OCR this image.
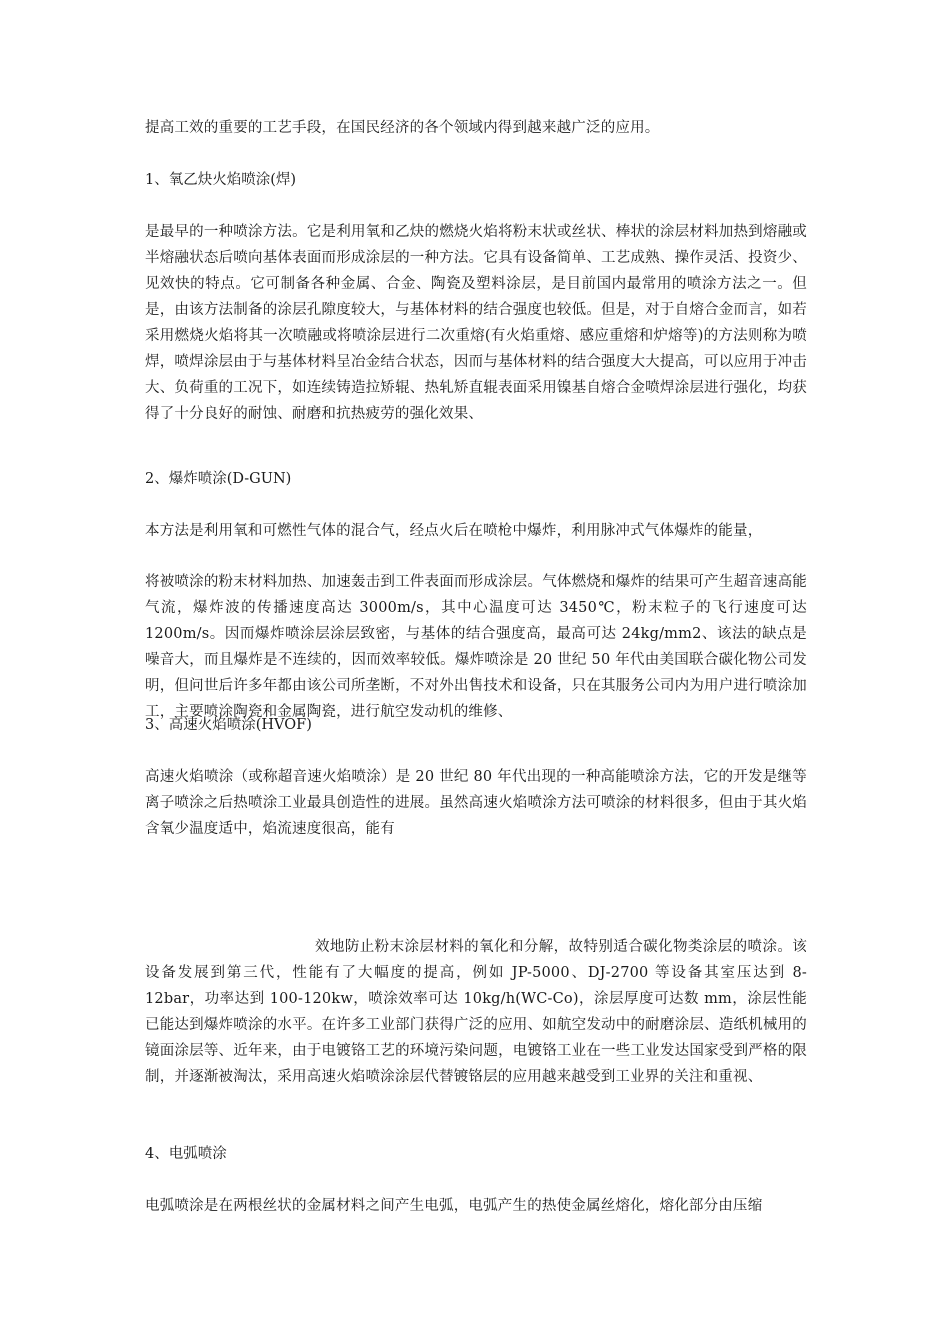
提高工效的重要的工艺手段，在国民经济的各个领域内得到越来越广泛的应用。

1、氧乙炔火焰喷涂(焊)

是最早的一种喷涂方法。它是利用氧和乙炔的燃烧火焰将粉末状或丝状、棒状的涂层材料加热到熔融或半熔融状态后喷向基体表面而形成涂层的一种方法。它具有设备简单、工艺成熟、操作灵活、投资少、见效快的特点。它可制备各种金属、合金、陶瓷及塑料涂层，是目前国内最常用的喷涂方法之一。但是，由该方法制备的涂层孔隙度较大，与基体材料的结合强度也较低。但是，对于自熔合金而言，如若采用燃烧火焰将其一次喷融或将喷涂层进行二次重熔(有火焰重熔、感应重熔和炉熔等)的方法则称为喷焊，喷焊涂层由于与基体材料呈冶金结合状态，因而与基体材料的结合强度大大提高，可以应用于冲击大、负荷重的工况下，如连续铸造拉矫辊、热轧矫直辊表面采用镍基自熔合金喷焊涂层进行强化，均获得了十分良好的耐蚀、耐磨和抗热疲劳的强化效果、

2、爆炸喷涂(D-GUN)

本方法是利用氧和可燃性气体的混合气，经点火后在喷枪中爆炸，利用脉冲式气体爆炸的能量，

将被喷涂的粉末材料加热、加速轰击到工件表面而形成涂层。气体燃烧和爆炸的结果可产生超音速高能气流，爆炸波的传播速度高达 3000m/s，其中心温度可达 3450℃，粉末粒子的飞行速度可达 1200m/s。因而爆炸喷涂层涂层致密，与基体的结合强度高，最高可达 24kg/mm2、该法的缺点是噪音大，而且爆炸是不连续的，因而效率较低。爆炸喷涂是 20 世纪 50 年代由美国联合碳化物公司发明，但问世后许多年都由该公司所垄断，不对外出售技术和设备，只在其服务公司内为用户进行喷涂加工，主要喷涂陶瓷和金属陶瓷，进行航空发动机的维修、

3、高速火焰喷涂(HVOF)

高速火焰喷涂（或称超音速火焰喷涂）是 20 世纪 80 年代出现的一种高能喷涂方法，它的开发是继等离子喷涂之后热喷涂工业最具创造性的进展。虽然高速火焰喷涂方法可喷涂的材料很多，但由于其火焰含氧少温度适中，焰流速度很高，能有

效地防止粉末涂层材料的氧化和分解，故特别适合碳化物类涂层的喷涂。该设备发展到第三代，性能有了大幅度的提高，例如 JP-5000、DJ-2700 等设备其室压达到 8-12bar，功率达到 100-120kw，喷涂效率可达 10kg/h(WC-Co)，涂层厚度可达数 mm，涂层性能已能达到爆炸喷涂的水平。在许多工业部门获得广泛的应用、如航空发动中的耐磨涂层、造纸机械用的镜面涂层等、近年来，由于电镀铬工艺的环境污染问题，电镀铬工业在一些工业发达国家受到严格的限制，并逐渐被淘汰，采用高速火焰喷涂涂层代替镀铬层的应用越来越受到工业界的关注和重视、

4、电弧喷涂

电弧喷涂是在两根丝状的金属材料之间产生电弧，电弧产生的热使金属丝熔化，熔化部分由压缩
